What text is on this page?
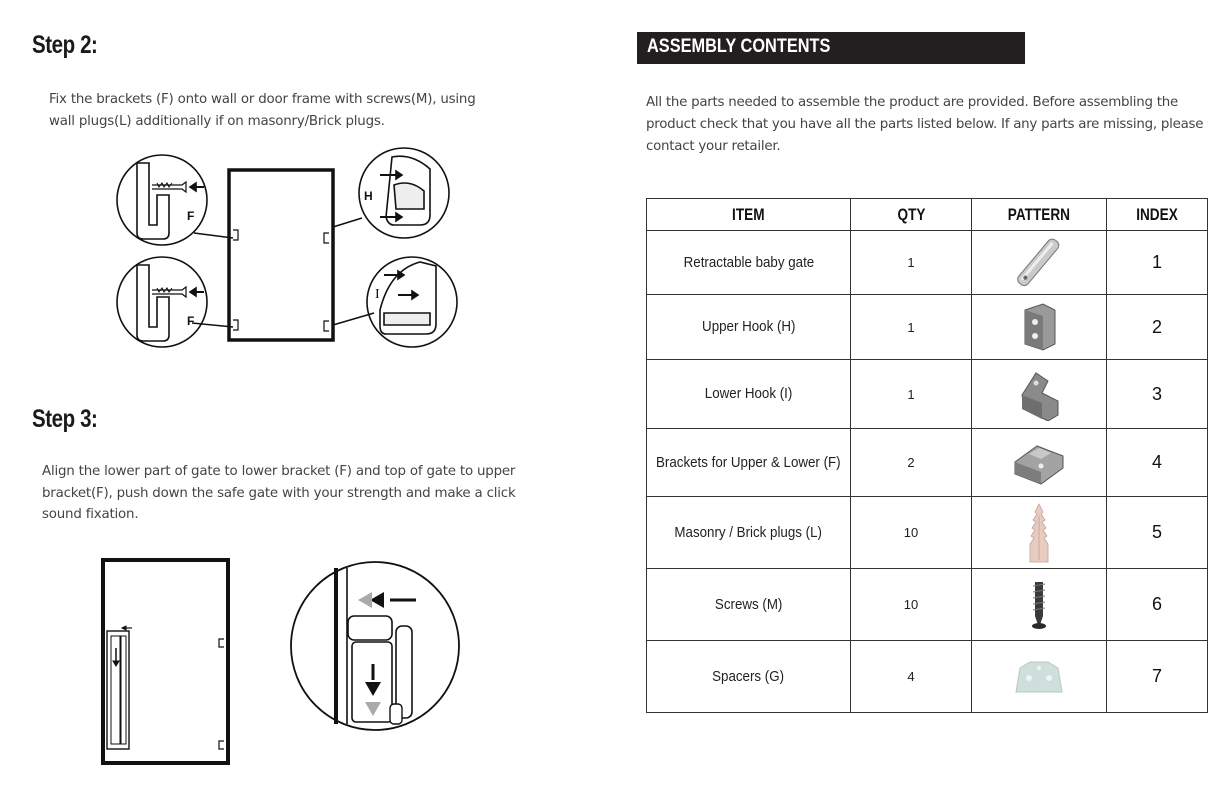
Step 2:
Fix the brackets (F) onto wall or door frame with screws(M), using
wall plugs(L) additionally if on masonry/Brick plugs.
F
F
H
I
Step 3:
Align the lower part of gate to lower bracket (F) and top of gate to upper
bracket(F), push down the safe gate with your strength and make a click
sound fixation.
ASSEMBLY CONTENTS
All the parts needed to assemble the product are provided. Before assembling the
product check that you have all the parts listed below. If any parts are missing, please
contact your retailer.
ITEM	QTY	PATTERN	INDEX
Retractable baby gate	1		1
Upper Hook (H)	1		2
Lower Hook (I)	1		3
Brackets for Upper & Lower (F)	2		4
Masonry / Brick plugs (L)	10		5
Screws (M)	10		6
Spacers (G)	4		7
